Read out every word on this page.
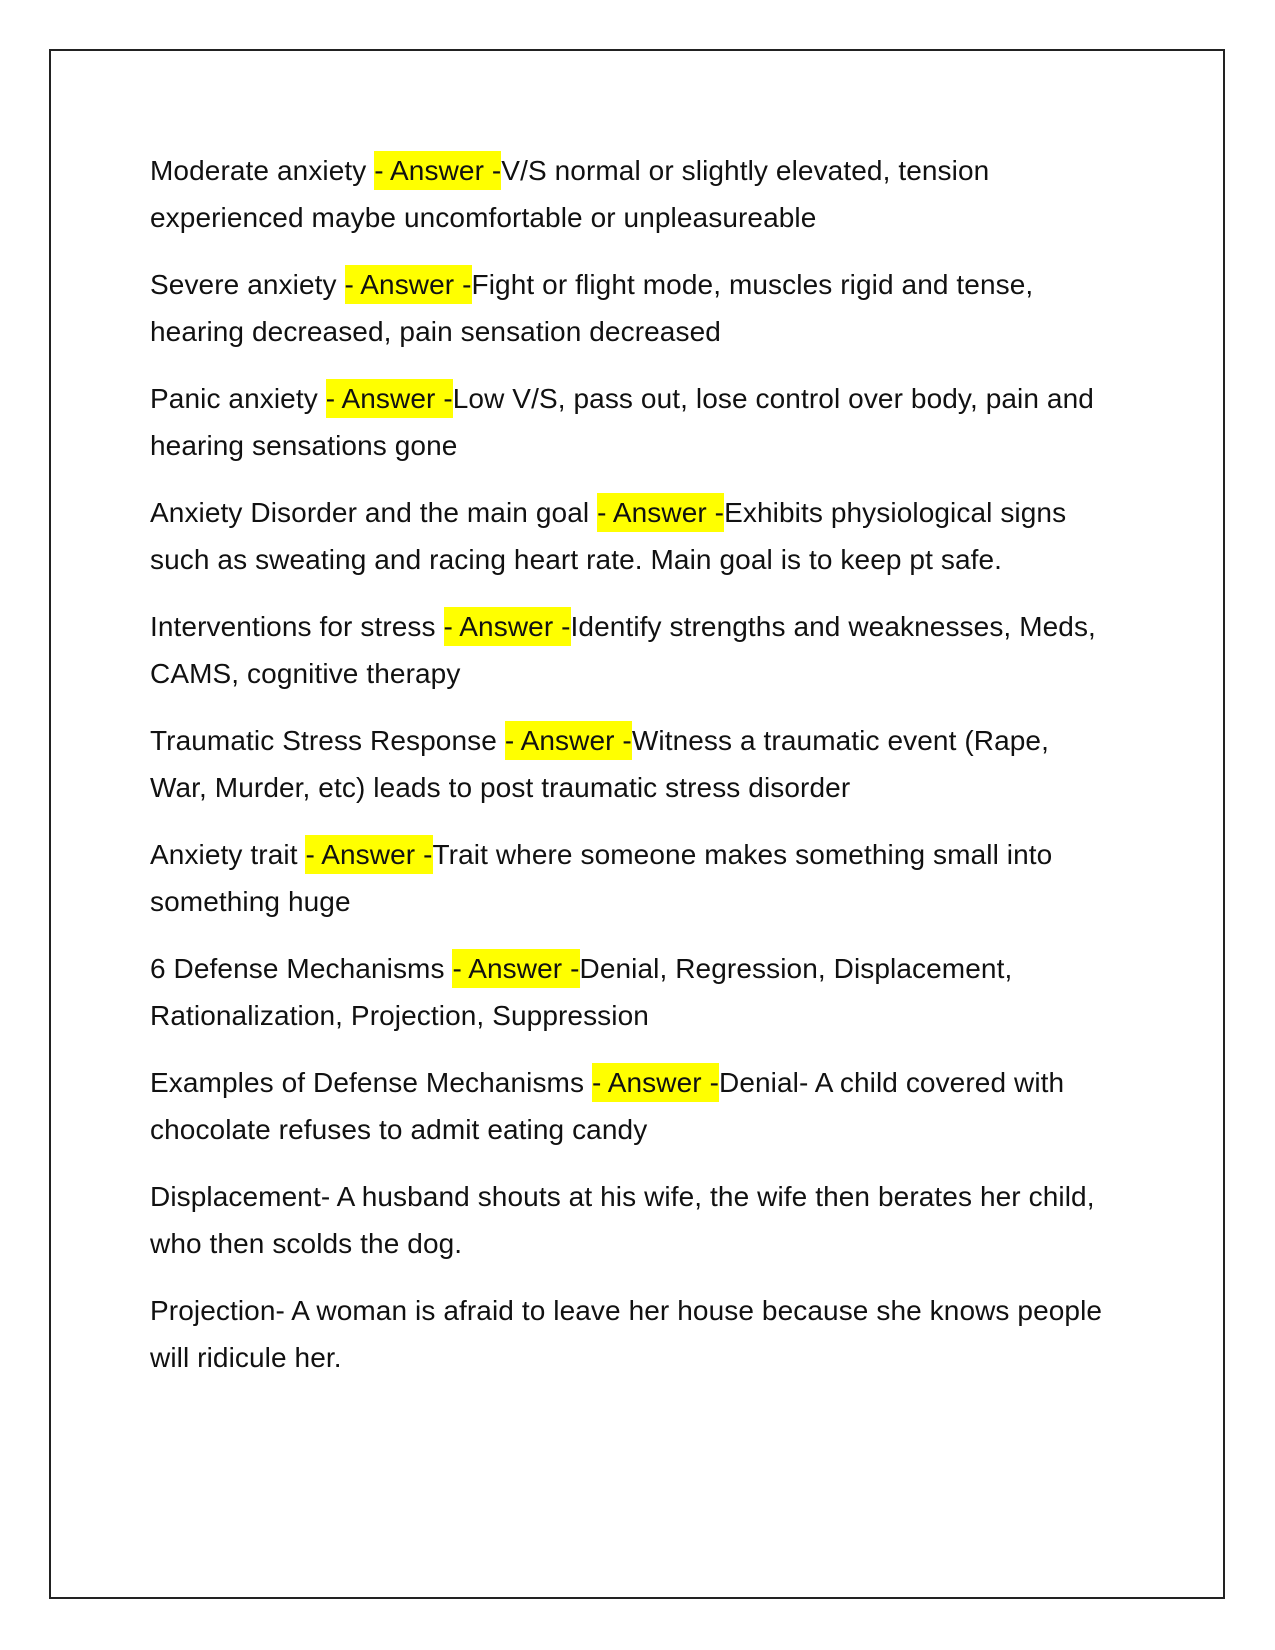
Moderate anxiety - Answer -V/S normal or slightly elevated, tension experienced maybe uncomfortable or unpleasureable

Severe anxiety - Answer -Fight or flight mode, muscles rigid and tense, hearing decreased, pain sensation decreased

Panic anxiety - Answer -Low V/S, pass out, lose control over body, pain and hearing sensations gone

Anxiety Disorder and the main goal - Answer -Exhibits physiological signs such as sweating and racing heart rate. Main goal is to keep pt safe.

Interventions for stress - Answer -Identify strengths and weaknesses, Meds, CAMS, cognitive therapy

Traumatic Stress Response - Answer -Witness a traumatic event (Rape, War, Murder, etc) leads to post traumatic stress disorder

Anxiety trait - Answer -Trait where someone makes something small into something huge

6 Defense Mechanisms - Answer -Denial, Regression, Displacement, Rationalization, Projection, Suppression

Examples of Defense Mechanisms - Answer -Denial- A child covered with chocolate refuses to admit eating candy

Displacement- A husband shouts at his wife, the wife then berates her child, who then scolds the dog.

Projection- A woman is afraid to leave her house because she knows people will ridicule her.
